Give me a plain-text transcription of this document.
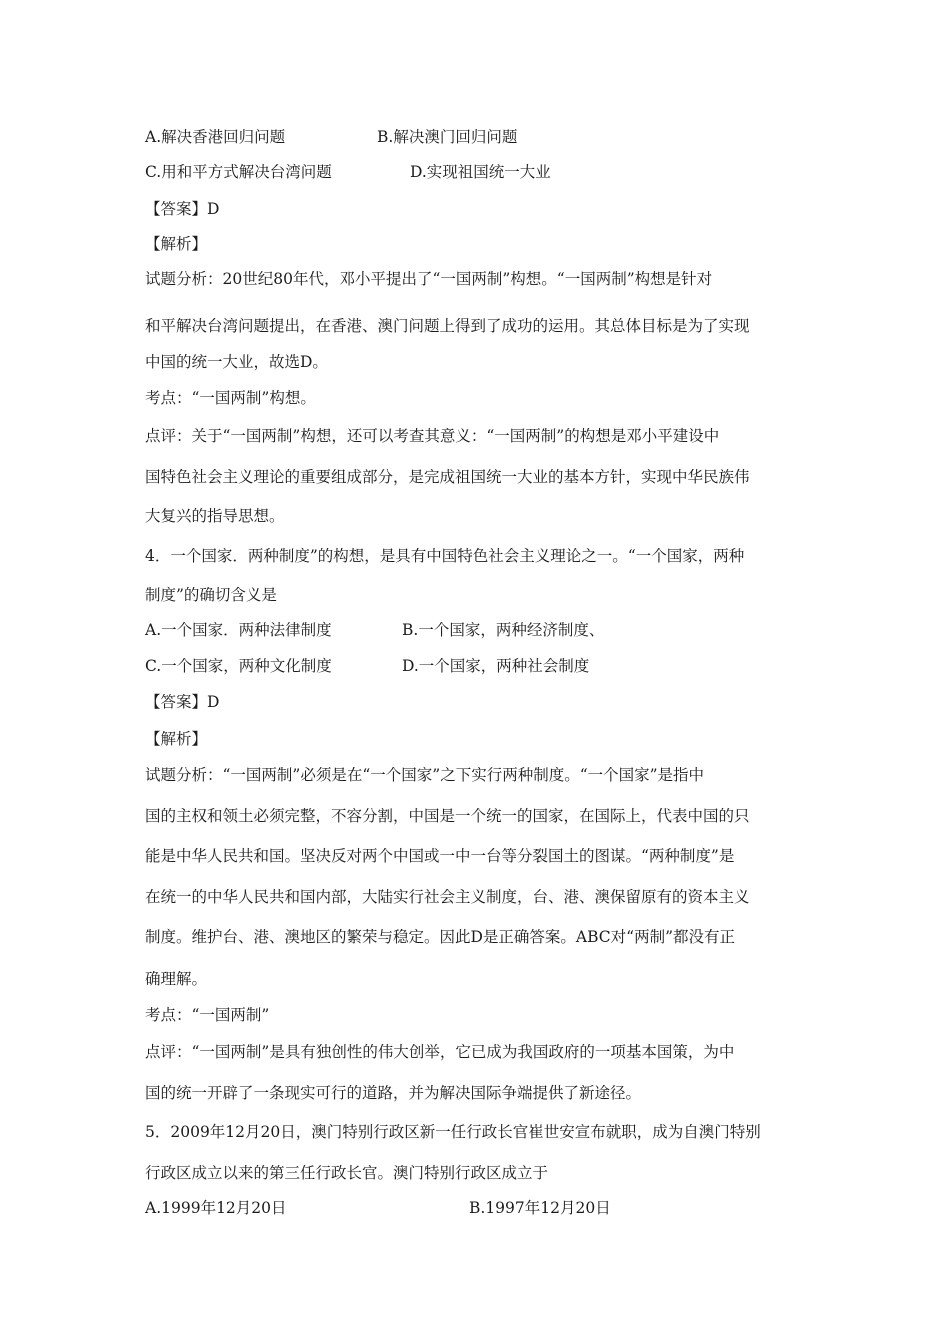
A.解决香港回归问题	B.解决澳门回归问题
C.用和平方式解决台湾问题	D.实现祖国统一大业
【答案】D
【解析】
试题分析：20世纪80年代，邓小平提出了“一国两制”构想。“一国两制”构想是针对
和平解决台湾问题提出，在香港、澳门问题上得到了成功的运用。其总体目标是为了实现
中国的统一大业，故选D。
考点：“一国两制”构想。
点评：关于“一国两制”构想，还可以考查其意义：“一国两制”的构想是邓小平建设中
国特色社会主义理论的重要组成部分，是完成祖国统一大业的基本方针，实现中华民族伟
大复兴的指导思想。
4．一个国家．两种制度”的构想，是具有中国特色社会主义理论之一。“一个国家，两种
制度”的确切含义是
A.一个国家．两种法律制度	B.一个国家，两种经济制度、
C.一个国家，两种文化制度	D.一个国家，两种社会制度
【答案】D
【解析】
试题分析：“一国两制”必须是在“一个国家”之下实行两种制度。“一个国家”是指中
国的主权和领土必须完整，不容分割，中国是一个统一的国家，在国际上，代表中国的只
能是中华人民共和国。坚决反对两个中国或一中一台等分裂国土的图谋。“两种制度”是
在统一的中华人民共和国内部，大陆实行社会主义制度，台、港、澳保留原有的资本主义
制度。维护台、港、澳地区的繁荣与稳定。因此D是正确答案。ABC对“两制”都没有正
确理解。
考点：“一国两制”
点评：“一国两制”是具有独创性的伟大创举，它已成为我国政府的一项基本国策，为中
国的统一开辟了一条现实可行的道路，并为解决国际争端提供了新途径。
5．2009年12月20日，澳门特别行政区新一任行政长官崔世安宣布就职，成为自澳门特别
行政区成立以来的第三任行政长官。澳门特别行政区成立于
A.1999年12月20日	B.1997年12月20日
